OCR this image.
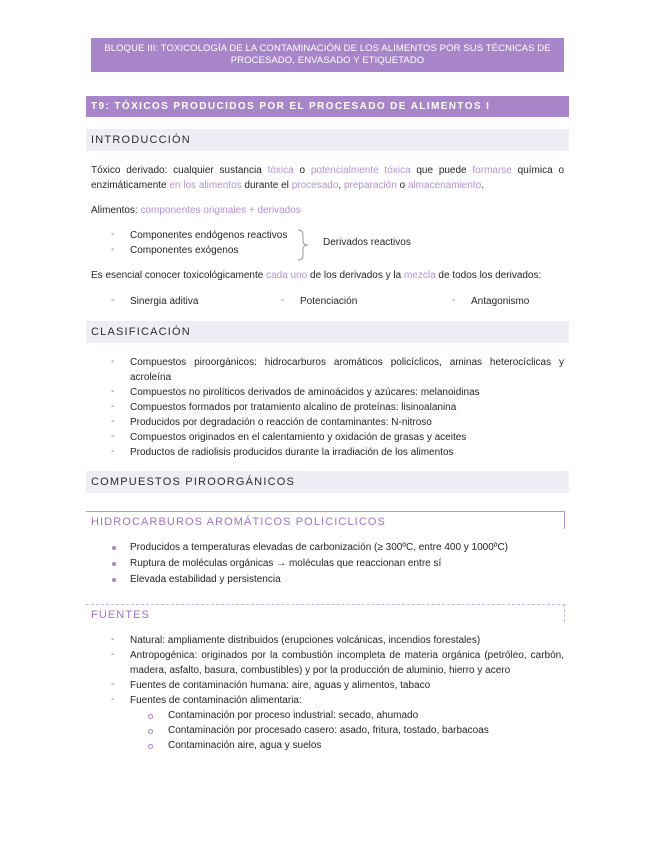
BLOQUE III: TOXICOLOGÍA DE LA CONTAMINACIÓN DE LOS ALIMENTOS POR SUS TÉCNICAS DE
PROCESADO, ENVASADO Y ETIQUETADO
T9: TÓXICOS PRODUCIDOS POR EL PROCESADO DE ALIMENTOS I
INTRODUCCIÓN
Tóxico derivado: cualquier sustancia tóxica o potencialmente tóxica que puede formarse química o enzimáticamente en los alimentos durante el procesado, preparación o almacenamiento.
Alimentos: componentes originales + derivados
- Componentes endógenos reactivos
- Componentes exógenos
Derivados reactivos
Es esencial conocer toxicológicamente cada uno de los derivados y la mezcla de todos los derivados:
- Sinergia aditiva	- Potenciación	- Antagonismo
CLASIFICACIÓN
- Compuestos piroorgánicos: hidrocarburos aromáticos policíclicos, aminas heterocíclicas y acroleína
- Compuestos no pirolíticos derivados de aminoácidos y azúcares: melanoidinas
- Compuestos formados por tratamiento alcalino de proteínas: lisinoalanina
- Producidos por degradación o reacción de contaminantes: N-nitroso
- Compuestos originados en el calentamiento y oxidación de grasas y aceites
- Productos de radiolisis producidos durante la irradiación de los alimentos
COMPUESTOS PIROORGÁNICOS
HIDROCARBUROS AROMÁTICOS POLICICLICOS
Producidos a temperaturas elevadas de carbonización (≥ 300ºC, entre 400 y 1000ºC)
Ruptura de moléculas orgánicas → moléculas que reaccionan entre sí
Elevada estabilidad y persistencia
FUENTES
- Natural: ampliamente distribuidos (erupciones volcánicas, incendios forestales)
- Antropogénica: originados por la combustión incompleta de materia orgánica (petróleo, carbón, madera, asfalto, basura, combustibles) y por la producción de aluminio, hierro y acero
- Fuentes de contaminación humana: aire, aguas y alimentos, tabaco
- Fuentes de contaminación alimentaria:
Contaminación por proceso industrial: secado, ahumado
Contaminación por procesado casero: asado, fritura, tostado, barbacoas
Contaminación aire, agua y suelos
